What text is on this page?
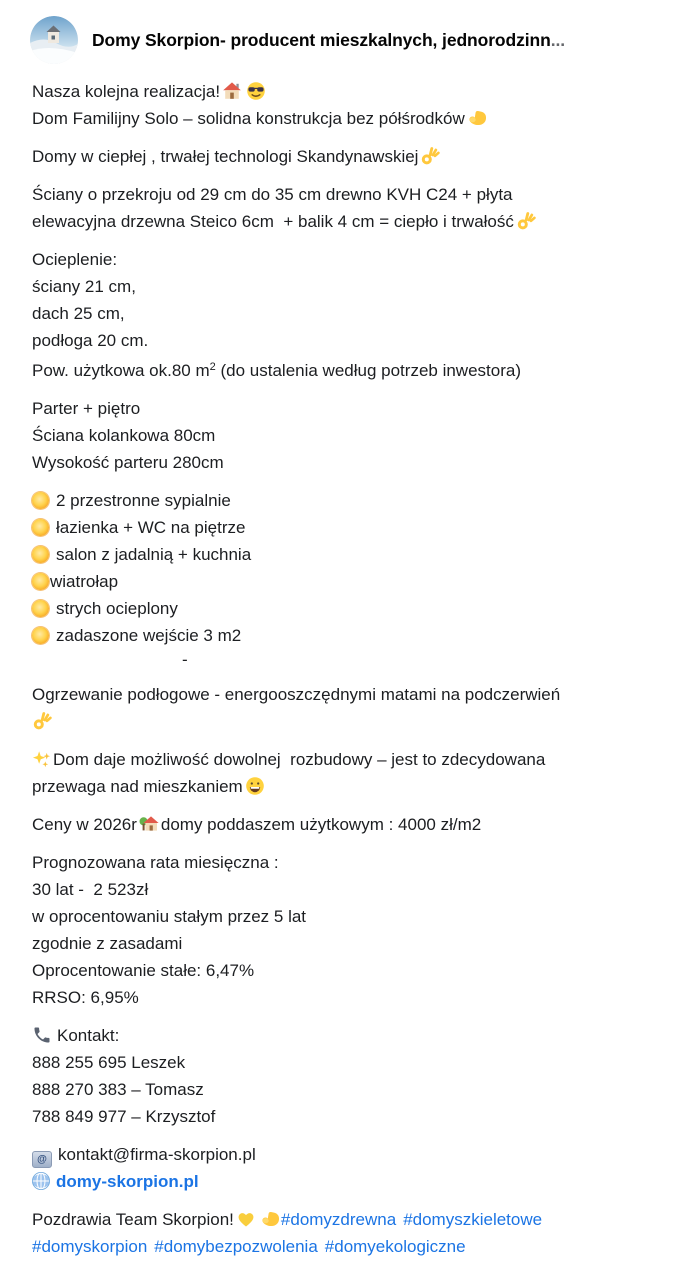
Domy Skorpion- producent mieszkalnych, jednorodzinn...
Nasza kolejna realizacja!
Dom Familijny Solo – solidna konstrukcja bez półśrodków
Domy w ciepłej , trwałej technologi Skandynawskiej
Ściany o przekroju od 29 cm do 35 cm drewno KVH C24 + płyta
elewacyjna drzewna Steico 6cm  + balik 4 cm = ciepło i trwałość
Ocieplenie:
ściany 21 cm,
dach 25 cm,
podłoga 20 cm.
Pow. użytkowa ok.80 $m^2$ (do ustalenia według potrzeb inwestora)
Parter + piętro
Ściana kolankowa 80cm
Wysokość parteru 280cm
2 przestronne sypialnie
łazienka + WC na piętrze
salon z jadalnią + kuchnia
wiatrołap
strych ocieplony
zadaszone wejście 3 m2
-
Ogrzewanie podłogowe - energooszczędnymi matami na podczerwień
Dom daje możliwość dowolnej  rozbudowy – jest to zdecydowana
przewaga nad mieszkaniem
Ceny w 2026r domy poddaszem użytkowym : 4000 zł/m2
Prognozowana rata miesięczna :
30 lat -  2 523zł
w oprocentowaniu stałym przez 5 lat
zgodnie z zasadami
Oprocentowanie stałe: 6,47%
RRSO: 6,95%
Kontakt:
888 255 695 Leszek
888 270 383 – Tomasz
788 849 977 – Krzysztof
@ kontakt@firma-skorpion.pl
domy-skorpion.pl
Pozdrawia Team Skorpion!	#domyzdrewna #domyszkieletowe
#domyskorpion #domybezpozwolenia #domyekologiczne
